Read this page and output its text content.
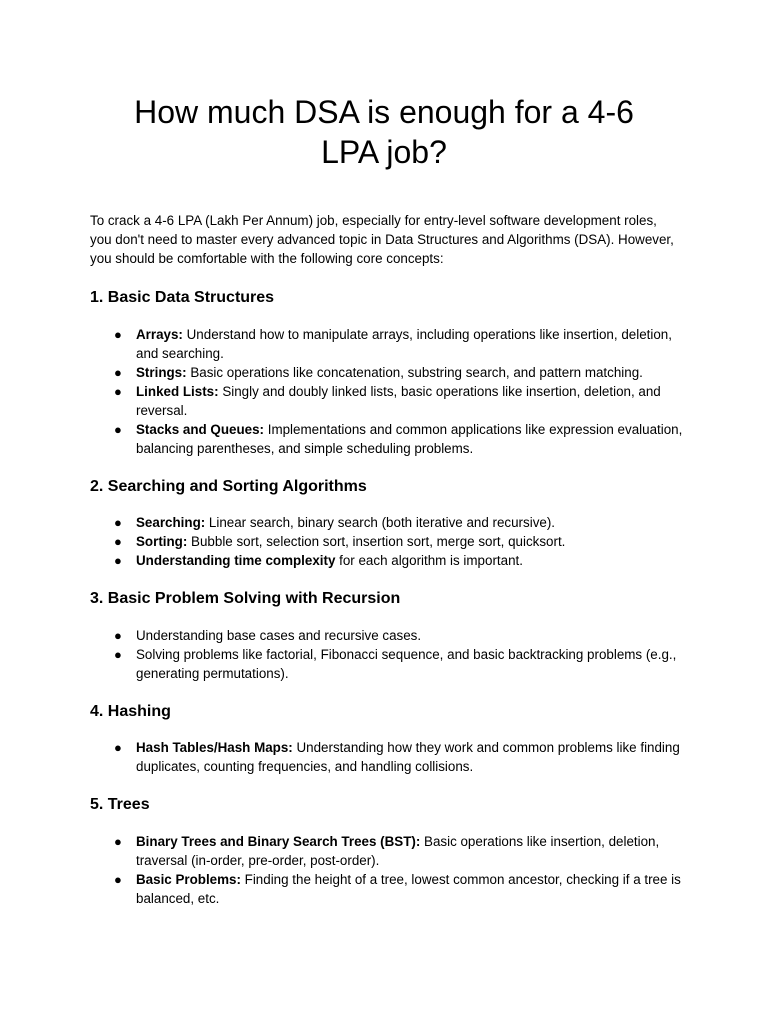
How much DSA is enough for a 4-6
LPA job?

To crack a 4-6 LPA (Lakh Per Annum) job, especially for entry-level software development roles, you don't need to master every advanced topic in Data Structures and Algorithms (DSA). However, you should be comfortable with the following core concepts:

1. Basic Data Structures
● Arrays: Understand how to manipulate arrays, including operations like insertion, deletion, and searching.
● Strings: Basic operations like concatenation, substring search, and pattern matching.
● Linked Lists: Singly and doubly linked lists, basic operations like insertion, deletion, and reversal.
● Stacks and Queues: Implementations and common applications like expression evaluation, balancing parentheses, and simple scheduling problems.
2. Searching and Sorting Algorithms
● Searching: Linear search, binary search (both iterative and recursive).
● Sorting: Bubble sort, selection sort, insertion sort, merge sort, quicksort.
● Understanding time complexity for each algorithm is important.
3. Basic Problem Solving with Recursion
● Understanding base cases and recursive cases.
● Solving problems like factorial, Fibonacci sequence, and basic backtracking problems (e.g., generating permutations).
4. Hashing
● Hash Tables/Hash Maps: Understanding how they work and common problems like finding duplicates, counting frequencies, and handling collisions.
5. Trees
● Binary Trees and Binary Search Trees (BST): Basic operations like insertion, deletion, traversal (in-order, pre-order, post-order).
● Basic Problems: Finding the height of a tree, lowest common ancestor, checking if a tree is balanced, etc.
